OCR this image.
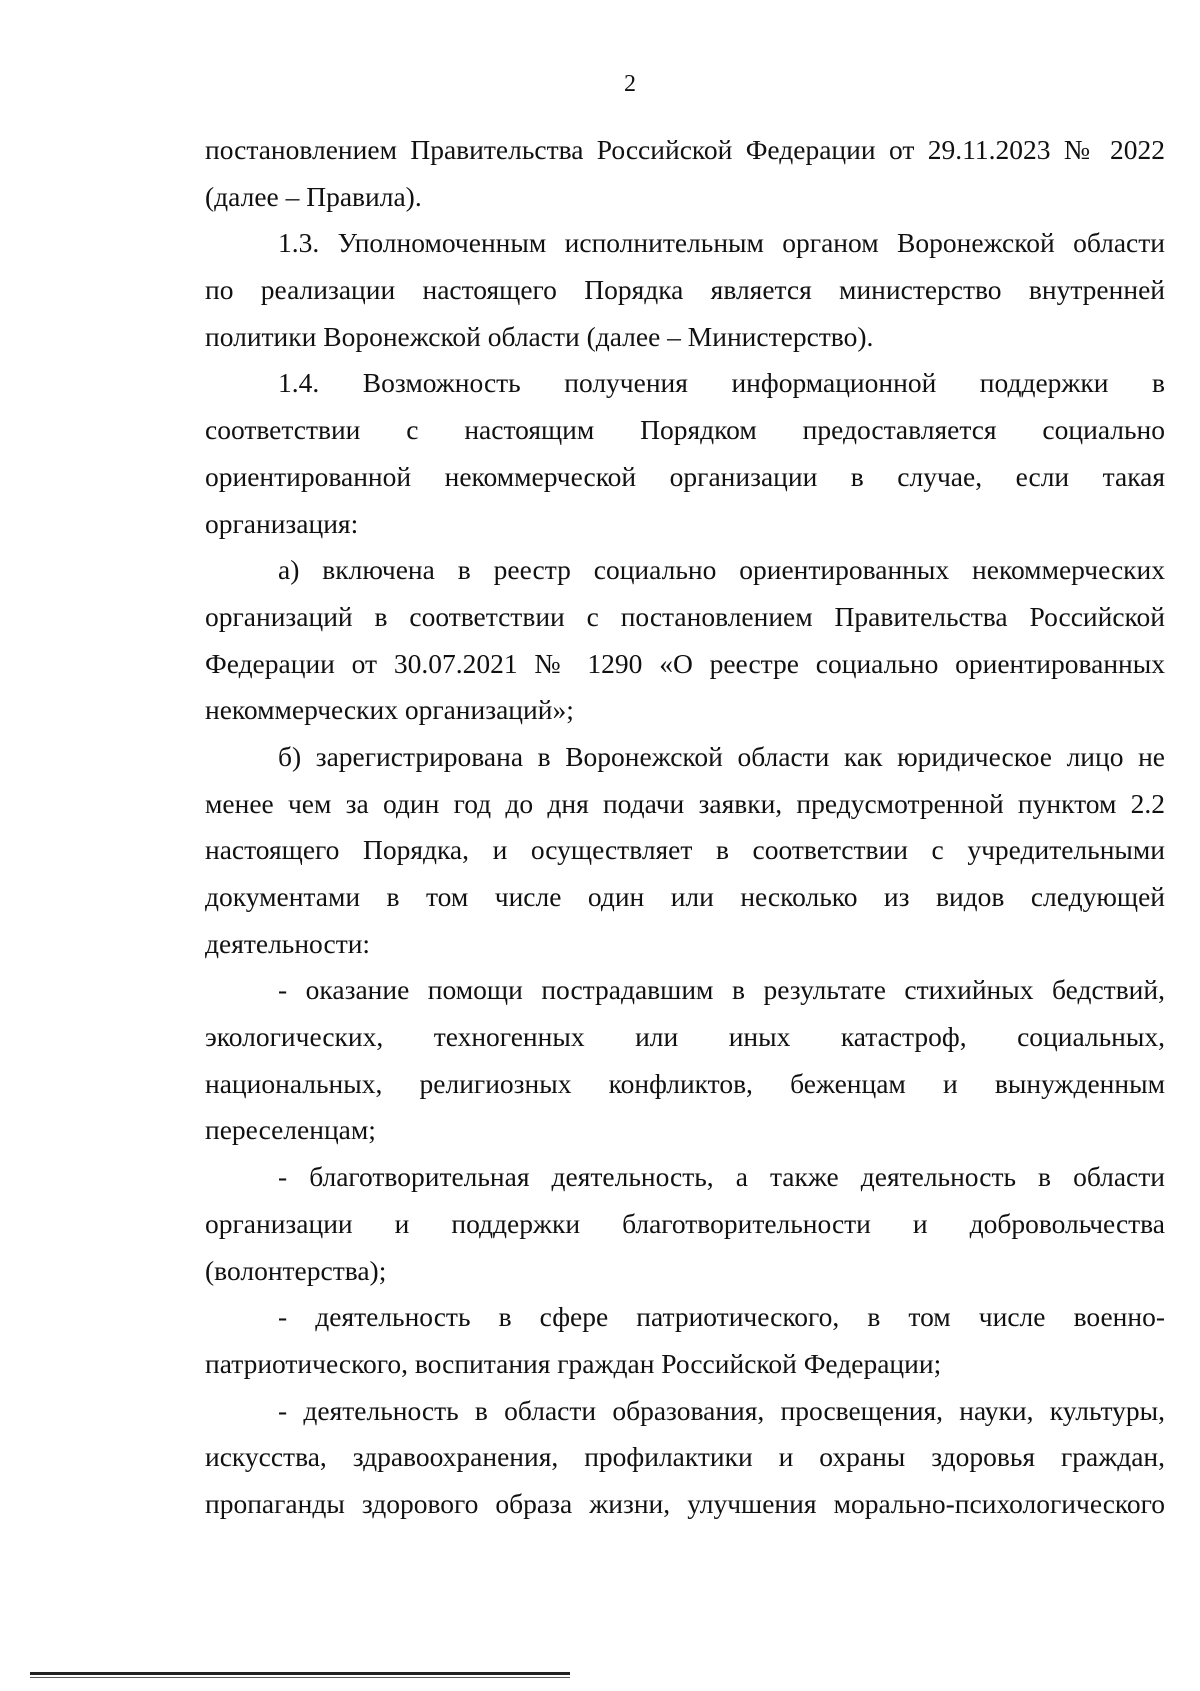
2
постановлением Правительства Российской Федерации от 29.11.2023 № 2022
(далее – Правила).
1.3. Уполномоченным исполнительным органом Воронежской области
по реализации настоящего Порядка является министерство внутренней
политики Воронежской области (далее – Министерство).
1.4. Возможность получения информационной поддержки в
соответствии с настоящим Порядком предоставляется социально
ориентированной некоммерческой организации в случае, если такая
организация:
а) включена в реестр социально ориентированных некоммерческих
организаций в соответствии с постановлением Правительства Российской
Федерации от 30.07.2021 № 1290 «О реестре социально ориентированных
некоммерческих организаций»;
б) зарегистрирована в Воронежской области как юридическое лицо не
менее чем за один год до дня подачи заявки, предусмотренной пунктом 2.2
настоящего Порядка, и осуществляет в соответствии с учредительными
документами в том числе один или несколько из видов следующей
деятельности:
- оказание помощи пострадавшим в результате стихийных бедствий,
экологических, техногенных или иных катастроф, социальных,
национальных, религиозных конфликтов, беженцам и вынужденным
переселенцам;
- благотворительная деятельность, а также деятельность в области
организации и поддержки благотворительности и добровольчества
(волонтерства);
- деятельность в сфере патриотического, в том числе военно-
патриотического, воспитания граждан Российской Федерации;
- деятельность в области образования, просвещения, науки, культуры,
искусства, здравоохранения, профилактики и охраны здоровья граждан,
пропаганды здорового образа жизни, улучшения морально-психологического
